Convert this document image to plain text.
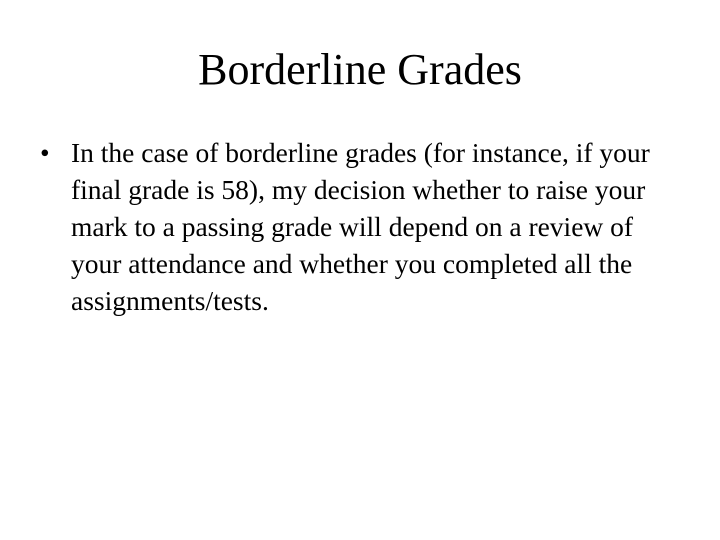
Borderline Grades
• In the case of borderline grades (for instance, if your final grade is 58), my decision whether to raise your mark to a passing grade will depend on a review of your attendance and whether you completed all the assignments/tests.
